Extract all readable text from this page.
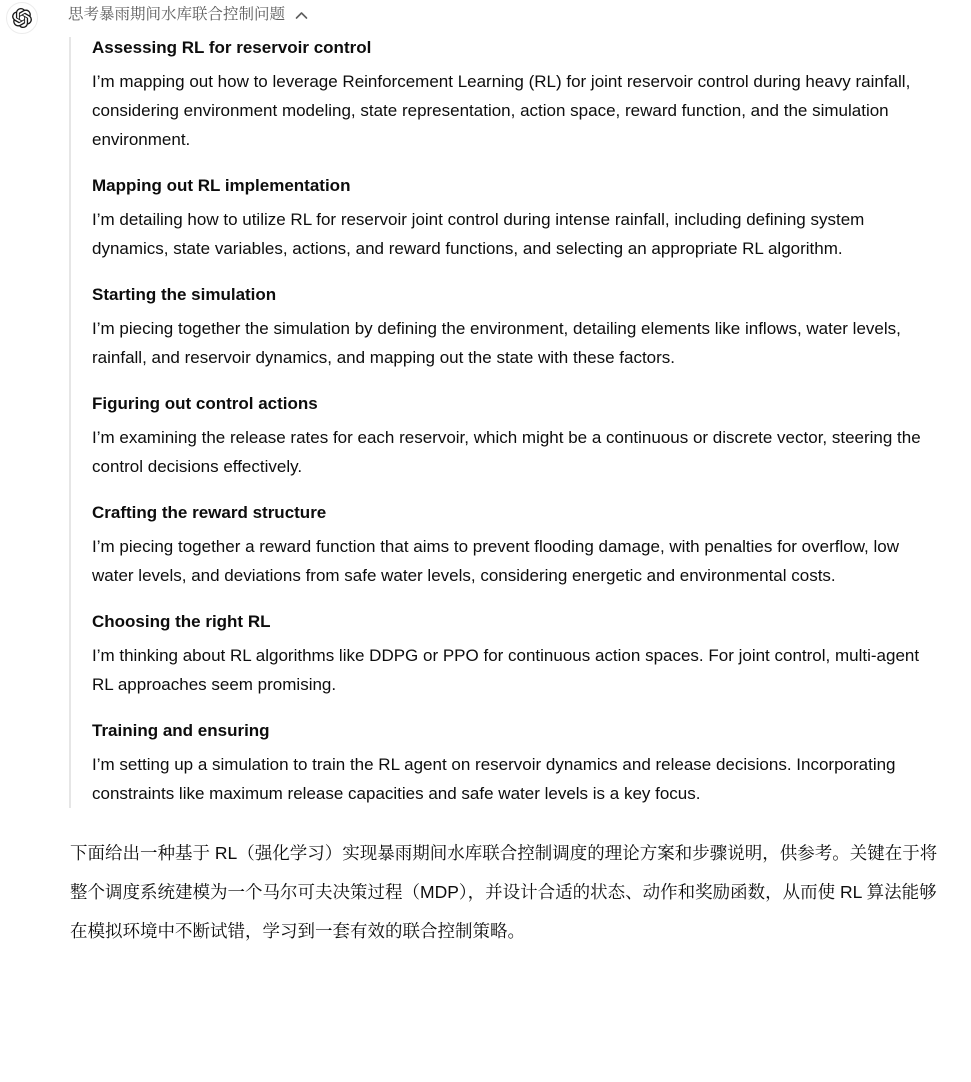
思考暴雨期间水库联合控制问题
Assessing RL for reservoir control

I’m mapping out how to leverage Reinforcement Learning (RL) for joint reservoir control during heavy rainfall, considering environment modeling, state representation, action space, reward function, and the simulation environment.

Mapping out RL implementation

I’m detailing how to utilize RL for reservoir joint control during intense rainfall, including defining system dynamics, state variables, actions, and reward functions, and selecting an appropriate RL algorithm.

Starting the simulation

I’m piecing together the simulation by defining the environment, detailing elements like inflows, water levels, rainfall, and reservoir dynamics, and mapping out the state with these factors.

Figuring out control actions

I’m examining the release rates for each reservoir, which might be a continuous or discrete vector, steering the control decisions effectively.

Crafting the reward structure

I’m piecing together a reward function that aims to prevent flooding damage, with penalties for overflow, low water levels, and deviations from safe water levels, considering energetic and environmental costs.

Choosing the right RL

I’m thinking about RL algorithms like DDPG or PPO for continuous action spaces. For joint control, multi-agent RL approaches seem promising.

Training and ensuring

I’m setting up a simulation to train the RL agent on reservoir dynamics and release decisions. Incorporating constraints like maximum release capacities and safe water levels is a key focus.

下面给出一种基于 RL（强化学习）实现暴雨期间水库联合控制调度的理论方案和步骤说明，供参考。关键在于将整个调度系统建模为一个马尔可夫决策过程（MDP），并设计合适的状态、动作和奖励函数，从而使 RL 算法能够在模拟环境中不断试错，学习到一套有效的联合控制策略。
